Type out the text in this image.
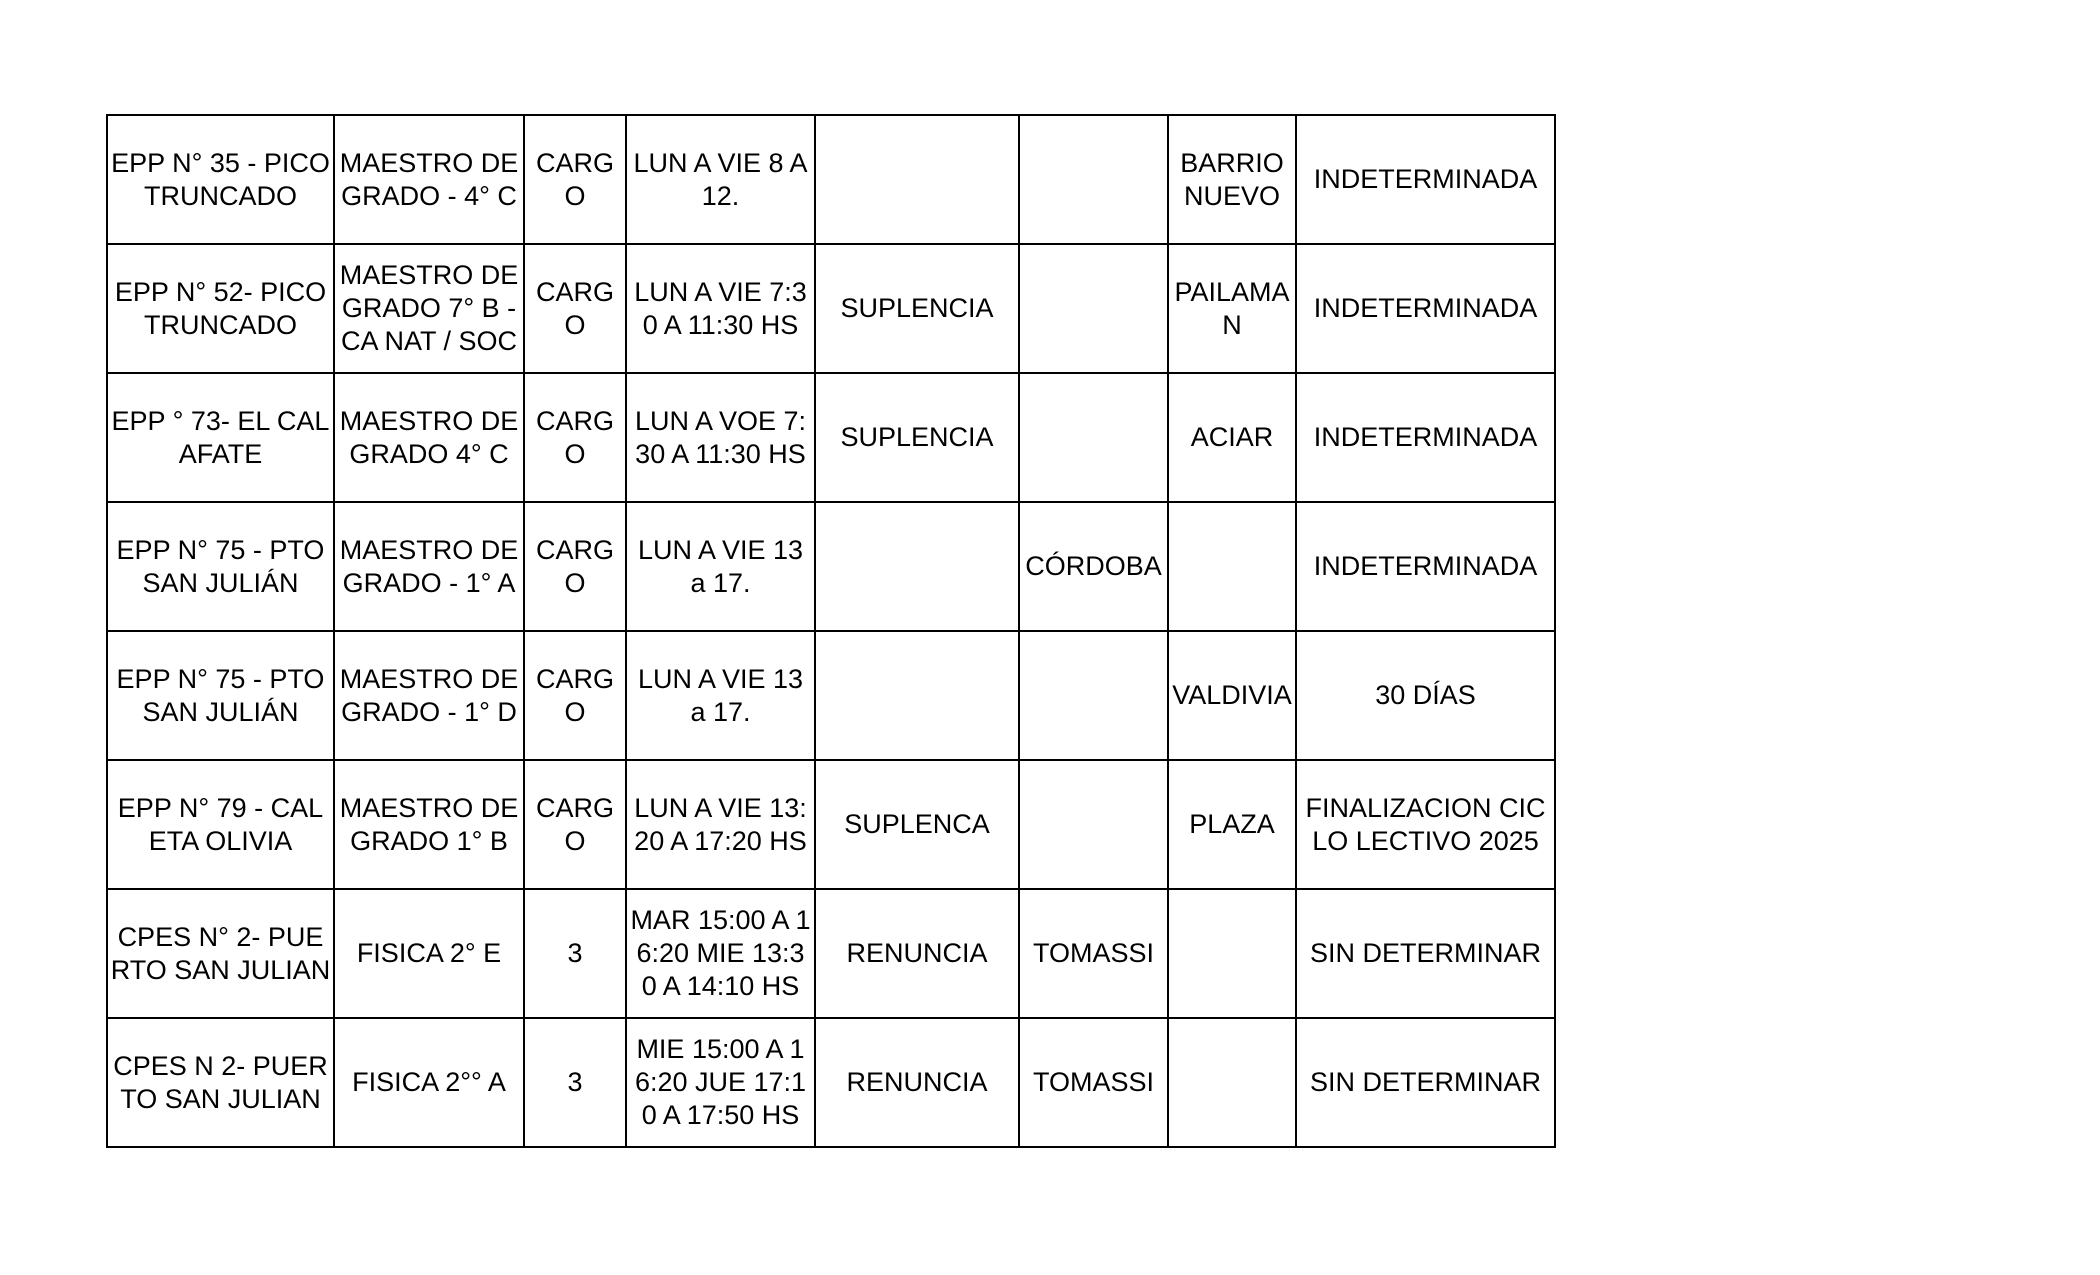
EPP N° 35 - PICO TRUNCADO	MAESTRO DE GRADO - 4° C	CARGO	LUN A VIE 8 A 12.			BARRIO NUEVO	INDETERMINADA

EPP N° 52- PICO TRUNCADO	MAESTRO DE GRADO 7° B - CA NAT / SOC	CARGO	LUN A VIE 7:30 A 11:30 HS	SUPLENCIA		PAILAMAN	INDETERMINADA

EPP ° 73- EL CALAFATE	MAESTRO DE GRADO 4° C	CARGO	LUN A VOE 7:30 A 11:30 HS	SUPLENCIA		ACIAR	INDETERMINADA

EPP N° 75 - PTO SAN JULIÁN	MAESTRO DE GRADO - 1° A	CARGO	LUN A VIE 13 a 17.		CÓRDOBA		INDETERMINADA

EPP N° 75 - PTO SAN JULIÁN	MAESTRO DE GRADO - 1° D	CARGO	LUN A VIE 13 a 17.			VALDIVIA	30 DÍAS

EPP N° 79 - CALETA OLIVIA	MAESTRO DE GRADO 1° B	CARGO	LUN A VIE 13:20 A 17:20 HS	SUPLENCA		PLAZA	FINALIZACION CICLO LECTIVO 2025

CPES N° 2- PUERTO SAN JULIAN	FISICA 2° E	3	MAR 15:00 A 16:20 MIE 13:30 A 14:10 HS	RENUNCIA	TOMASSI		SIN DETERMINAR

CPES N 2- PUERTO SAN JULIAN	FISICA 2°° A	3	MIE 15:00 A 16:20 JUE 17:10 A 17:50 HS	RENUNCIA	TOMASSI		SIN DETERMINAR
